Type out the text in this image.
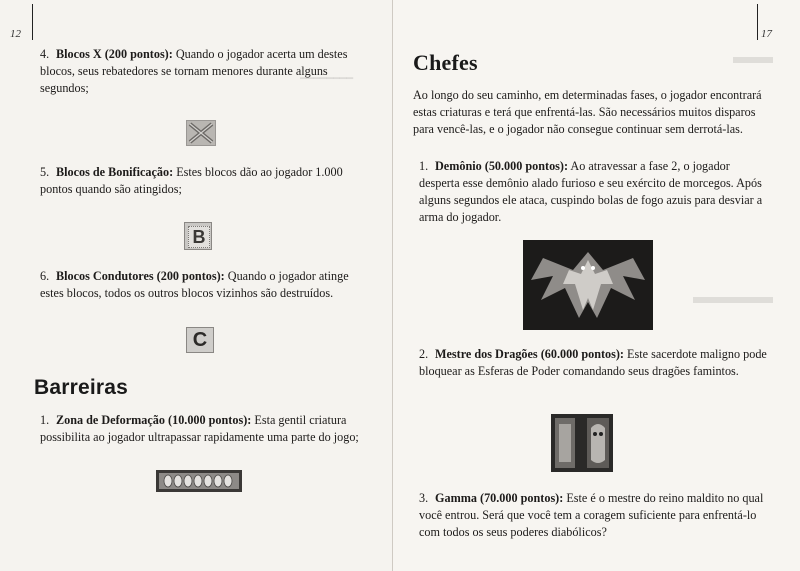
12
━━━━━━━━
4. Blocos X (200 pontos): Quando o jogador acerta um destes blocos, seus rebatedores se tornam menores durante alguns segundos;
5. Blocos de Bonificação: Estes blocos dão ao jogador 1.000 pontos quando são atingidos;
B
6. Blocos Condutores (200 pontos): Quando o jogador atinge estes blocos, todos os outros blocos vizinhos são destruídos.
C
Barreiras
1. Zona de Deformação (10.000 pontos): Esta gentil criatura possibilita ao jogador ultrapassar rapidamente uma parte do jogo;
17
▬▬
▬▬▬▬
Chefes
Ao longo do seu caminho, em determinadas fases, o jogador encontrará estas criaturas e terá que enfrentá-las. São necessários muitos disparos para vencê-las, e o jogador não consegue continuar sem derrotá-las.
1. Demônio (50.000 pontos): Ao atravessar a fase 2, o jogador desperta esse demônio alado furioso e seu exército de morcegos. Após alguns segundos ele ataca, cuspindo bolas de fogo azuis para desviar a arma do jogador.
2. Mestre dos Dragões (60.000 pontos): Este sacerdote maligno pode bloquear as Esferas de Poder comandando seus dragões famintos.
3. Gamma (70.000 pontos): Este é o mestre do reino maldito no qual você entrou. Será que você tem a coragem suficiente para enfrentá-lo com todos os seus poderes diabólicos?
